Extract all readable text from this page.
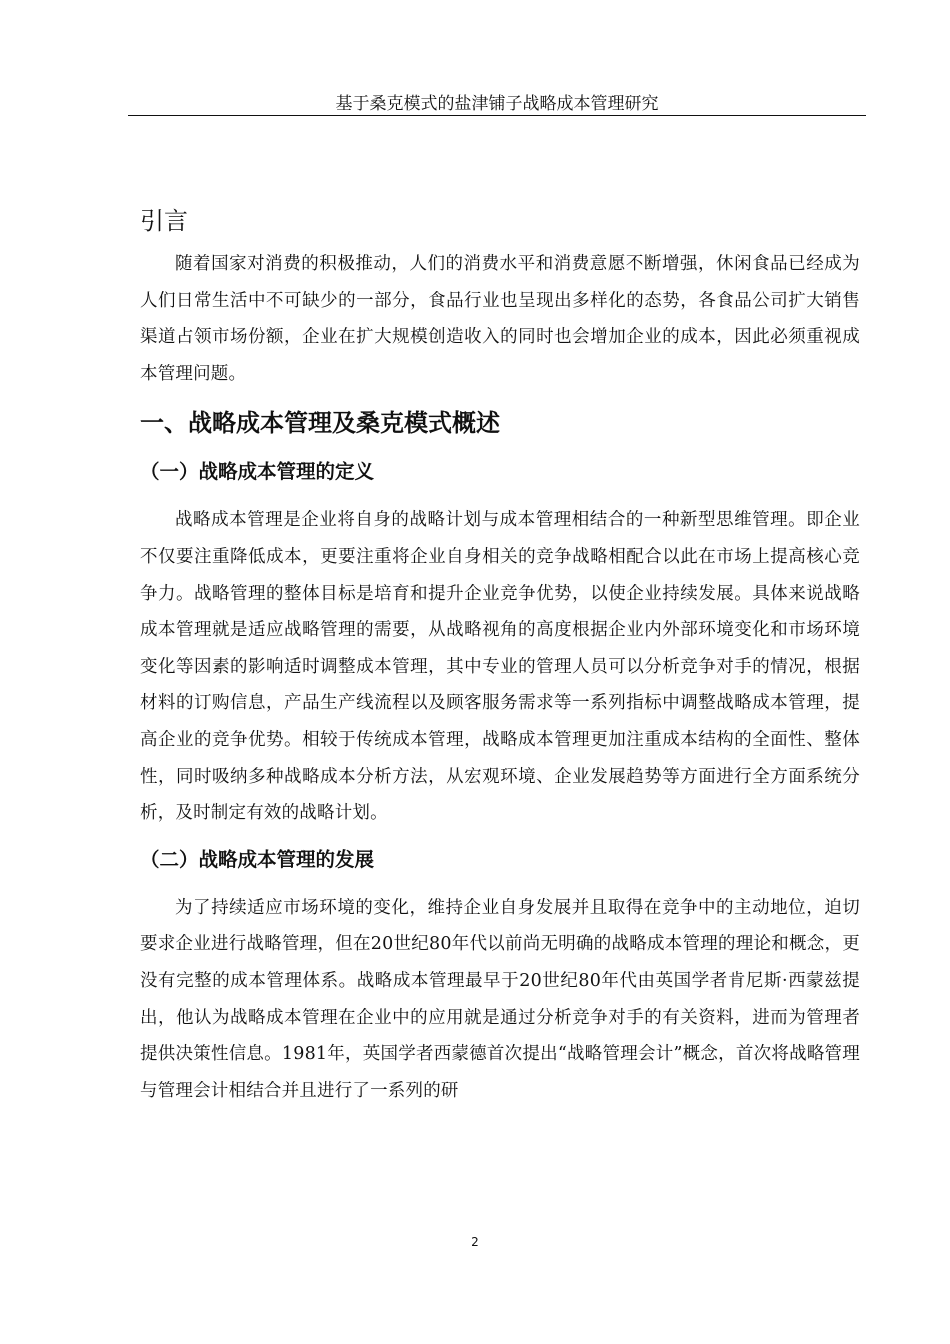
基于桑克模式的盐津铺子战略成本管理研究
引言

随着国家对消费的积极推动，人们的消费水平和消费意愿不断增强，休闲食品已经成为人们日常生活中不可缺少的一部分，食品行业也呈现出多样化的态势，各食品公司扩大销售渠道占领市场份额，企业在扩大规模创造收入的同时也会增加企业的成本，因此必须重视成本管理问题。

一、战略成本管理及桑克模式概述
（一）战略成本管理的定义

战略成本管理是企业将自身的战略计划与成本管理相结合的一种新型思维管理。即企业不仅要注重降低成本，更要注重将企业自身相关的竞争战略相配合以此在市场上提高核心竞争力。战略管理的整体目标是培育和提升企业竞争优势，以使企业持续发展。具体来说战略成本管理就是适应战略管理的需要，从战略视角的高度根据企业内外部环境变化和市场环境变化等因素的影响适时调整成本管理，其中专业的管理人员可以分析竞争对手的情况，根据材料的订购信息，产品生产线流程以及顾客服务需求等一系列指标中调整战略成本管理，提高企业的竞争优势。相较于传统成本管理，战略成本管理更加注重成本结构的全面性、整体性，同时吸纳多种战略成本分析方法，从宏观环境、企业发展趋势等方面进行全方面系统分析，及时制定有效的战略计划。

（二）战略成本管理的发展

为了持续适应市场环境的变化，维持企业自身发展并且取得在竞争中的主动地位，迫切要求企业进行战略管理，但在20世纪80年代以前尚无明确的战略成本管理的理论和概念，更没有完整的成本管理体系。战略成本管理最早于20世纪80年代由英国学者肯尼斯·西蒙兹提出，他认为战略成本管理在企业中的应用就是通过分析竞争对手的有关资料，进而为管理者提供决策性信息。1981年，英国学者西蒙德首次提出“战略管理会计”概念，首次将战略管理与管理会计相结合并且进行了一系列的研

2
